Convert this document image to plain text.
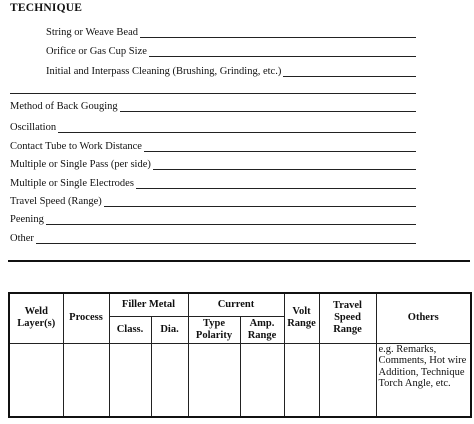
TECHNIQUE
String or Weave Bead
Orifice or Gas Cup Size
Initial and Interpass Cleaning (Brushing, Grinding, etc.)
Method of Back Gouging
Oscillation
Contact Tube to Work Distance
Multiple or Single Pass (per side)
Multiple or Single Electrodes
Travel Speed (Range)
Peening
Other
Weld Layer(s)	Process	Filler Metal		Current		Volt Range	Travel Speed Range	Others
		Class.	Dia.	Type Polarity	Amp. Range			
								e.g. Remarks, Comments, Hot wire Addition, Technique Torch Angle, etc.
